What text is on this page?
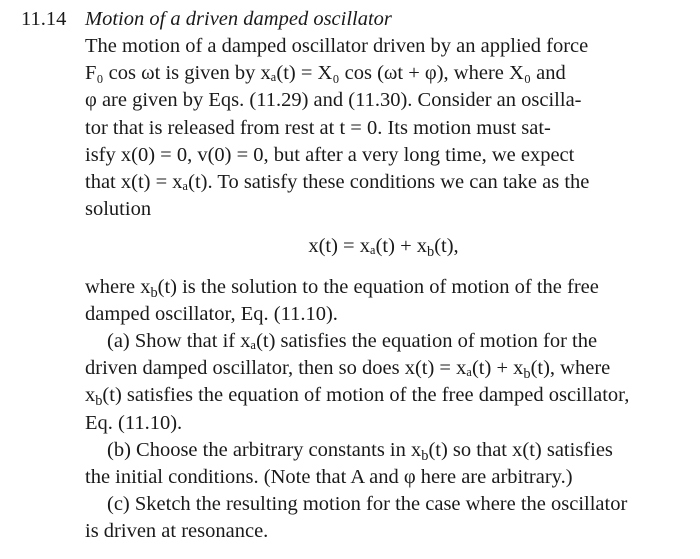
11.14 Motion of a driven damped oscillator
The motion of a damped oscillator driven by an applied force
F₀ cos ωt is given by xₐ(t) = X₀ cos (ωt + φ), where X₀ and
φ are given by Eqs. (11.29) and (11.30). Consider an oscilla-
tor that is released from rest at t = 0. Its motion must sat-
isfy x(0) = 0, v(0) = 0, but after a very long time, we expect
that x(t) = xₐ(t). To satisfy these conditions we can take as the
solution
$x(t) = x_a(t) + x_b(t)$,
where $x_b(t)$ is the solution to the equation of motion of the free
damped oscillator, Eq. (11.10).
(a) Show that if xₐ(t) satisfies the equation of motion for the
driven damped oscillator, then so does $x(t) = x_a(t) + x_b(t)$, where
$x_b(t)$ satisfies the equation of motion of the free damped oscillator,
Eq. (11.10).
(b) Choose the arbitrary constants in $x_b(t)$ so that x(t) satisfies
the initial conditions. (Note that A and φ here are arbitrary.)
(c) Sketch the resulting motion for the case where the oscillator
is driven at resonance.
